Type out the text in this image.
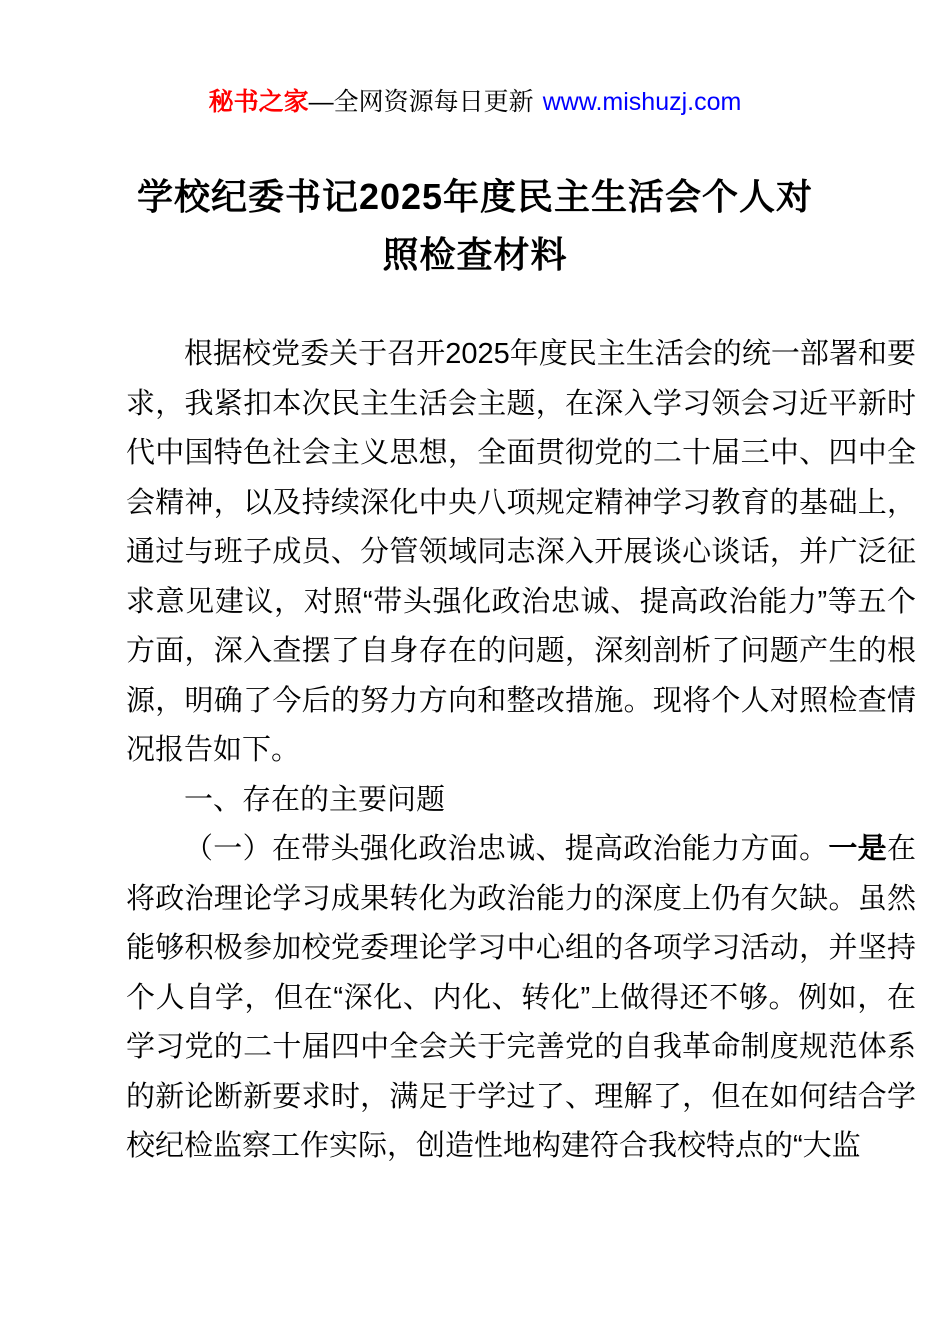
秘书之家—全网资源每日更新 www.mishuzj.com
学校纪委书记2025年度民主生活会个人对照检查材料

根据校党委关于召开2025年度民主生活会的统一部署和要求，我紧扣本次民主生活会主题，在深入学习领会习近平新时代中国特色社会主义思想，全面贯彻党的二十届三中、四中全会精神，以及持续深化中央八项规定精神学习教育的基础上，通过与班子成员、分管领域同志深入开展谈心谈话，并广泛征求意见建议，对照“带头强化政治忠诚、提高政治能力”等五个方面，深入查摆了自身存在的问题，深刻剖析了问题产生的根源，明确了今后的努力方向和整改措施。现将个人对照检查情况报告如下。

一、存在的主要问题

（一）在带头强化政治忠诚、提高政治能力方面。一是在将政治理论学习成果转化为政治能力的深度上仍有欠缺。虽然能够积极参加校党委理论学习中心组的各项学习活动，并坚持个人自学，但在“深化、内化、转化”上做得还不够。例如，在学习党的二十届四中全会关于完善党的自我革命制度规范体系的新论断新要求时，满足于学过了、理解了，但在如何结合学校纪检监察工作实际，创造性地构建符合我校特点的“大监
